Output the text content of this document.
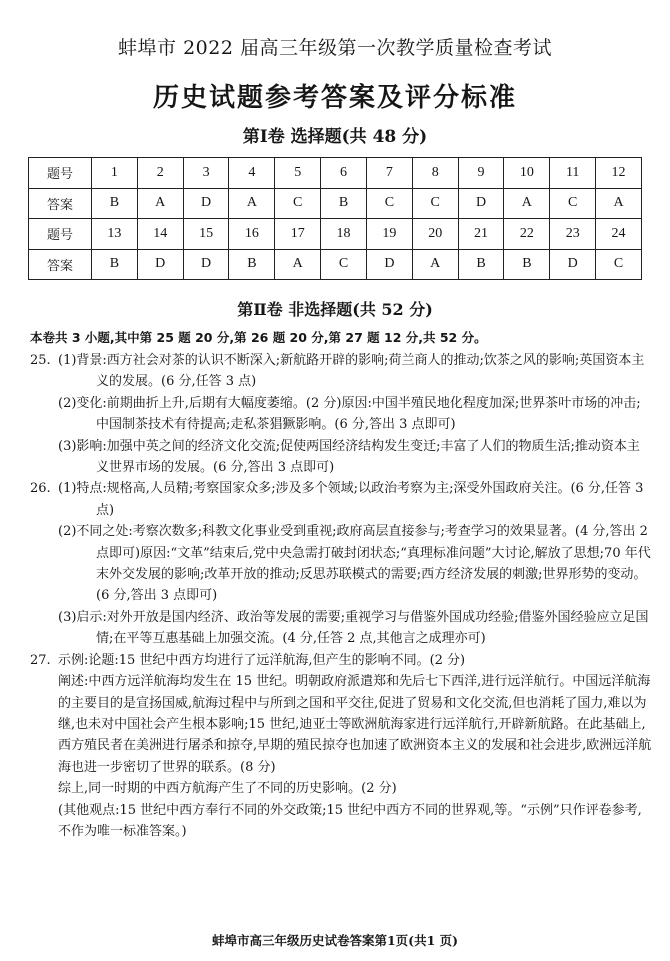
蚌埠市 2022 届高三年级第一次教学质量检查考试
历史试题参考答案及评分标准
第Ⅰ卷 选择题(共 48 分)
题号	1	2	3	4	5	6	7	8	9	10	11	12
答案	B	A	D	A	C	B	C	C	D	A	C	A
题号	13	14	15	16	17	18	19	20	21	22	23	24
答案	B	D	D	B	A	C	D	A	B	B	D	C
第Ⅱ卷 非选择题(共 52 分)
本卷共 3 小题,其中第 25 题 20 分,第 26 题 20 分,第 27 题 12 分,共 52 分。
25. (1)背景:西方社会对茶的认识不断深入;新航路开辟的影响;荷兰商人的推动;饮茶之风的影响;英国资本主义的发展。(6 分,任答 3 点)
(2)变化:前期曲折上升,后期有大幅度萎缩。(2 分)原因:中国半殖民地化程度加深;世界茶叶市场的冲击;中国制茶技术有待提高;走私茶猖獗影响。(6 分,答出 3 点即可)
(3)影响:加强中英之间的经济文化交流;促使两国经济结构发生变迁;丰富了人们的物质生活;推动资本主义世界市场的发展。(6 分,答出 3 点即可)
26. (1)特点:规格高,人员精;考察国家众多;涉及多个领域;以政治考察为主;深受外国政府关注。(6 分,任答 3 点)
(2)不同之处:考察次数多;科教文化事业受到重视;政府高层直接参与;考查学习的效果显著。(4 分,答出 2 点即可)原因:“文革”结束后,党中央急需打破封闭状态;“真理标准问题”大讨论,解放了思想;70 年代末外交发展的影响;改革开放的推动;反思苏联模式的需要;西方经济发展的刺激;世界形势的变动。(6 分,答出 3 点即可)
(3)启示:对外开放是国内经济、政治等发展的需要;重视学习与借鉴外国成功经验;借鉴外国经验应立足国情;在平等互惠基础上加强交流。(4 分,任答 2 点,其他言之成理亦可)
27. 示例:论题:15 世纪中西方均进行了远洋航海,但产生的影响不同。(2 分)
阐述:中西方远洋航海均发生在 15 世纪。明朝政府派遣郑和先后七下西洋,进行远洋航行。中国远洋航海的主要目的是宣扬国威,航海过程中与所到之国和平交往,促进了贸易和文化交流,但也消耗了国力,难以为继,也未对中国社会产生根本影响;15 世纪,迪亚士等欧洲航海家进行远洋航行,开辟新航路。在此基础上,西方殖民者在美洲进行屠杀和掠夺,早期的殖民掠夺也加速了欧洲资本主义的发展和社会进步,欧洲远洋航海也进一步密切了世界的联系。(8 分)
综上,同一时期的中西方航海产生了不同的历史影响。(2 分)
(其他观点:15 世纪中西方奉行不同的外交政策;15 世纪中西方不同的世界观,等。“示例”只作评卷参考,不作为唯一标准答案。)
蚌埠市高三年级历史试卷答案第1页(共1 页)
